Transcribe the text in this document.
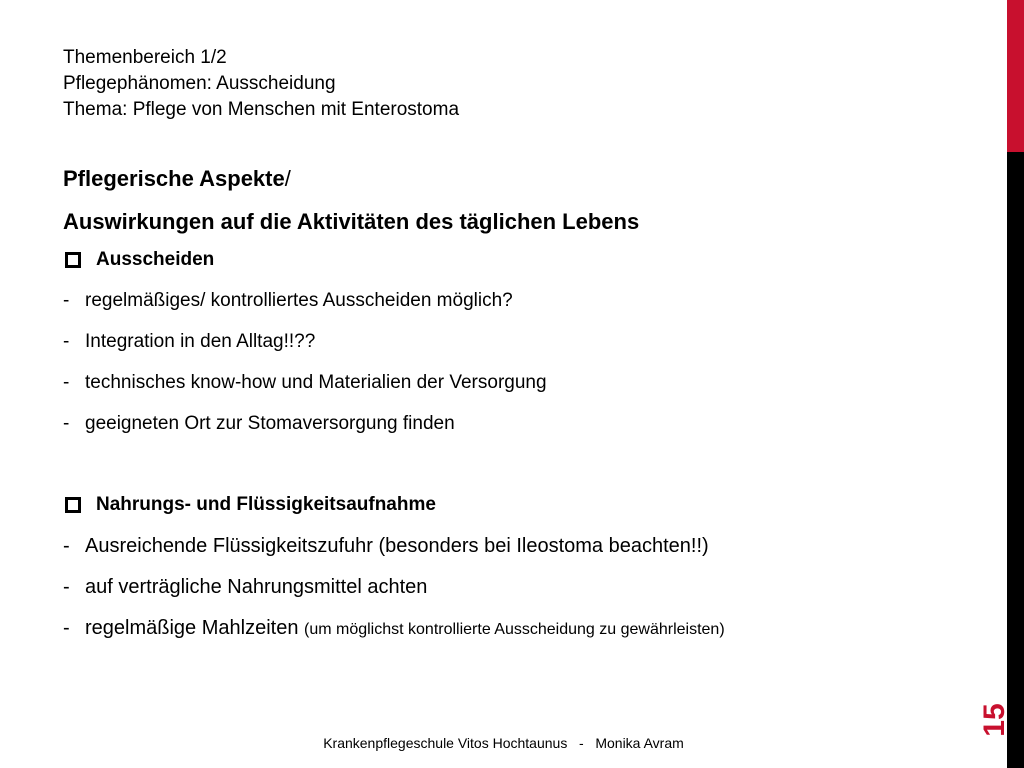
Themenbereich 1/2
Pflegephänomen: Ausscheidung
Thema: Pflege von Menschen mit Enterostoma
Pflegerische Aspekte/
Auswirkungen auf die Aktivitäten des täglichen Lebens
Ausscheiden
- regelmäßiges/ kontrolliertes Ausscheiden möglich?
- Integration in den Alltag!!??
- technisches know-how und Materialien der Versorgung
- geeigneten Ort zur Stomaversorgung finden
Nahrungs- und Flüssigkeitsaufnahme
- Ausreichende Flüssigkeitszufuhr (besonders bei Ileostoma beachten!!)
- auf verträgliche Nahrungsmittel achten
- regelmäßige Mahlzeiten (um möglichst kontrollierte Ausscheidung zu gewährleisten)
15
Krankenpflegeschule Vitos Hochtaunus   -   Monika Avram
